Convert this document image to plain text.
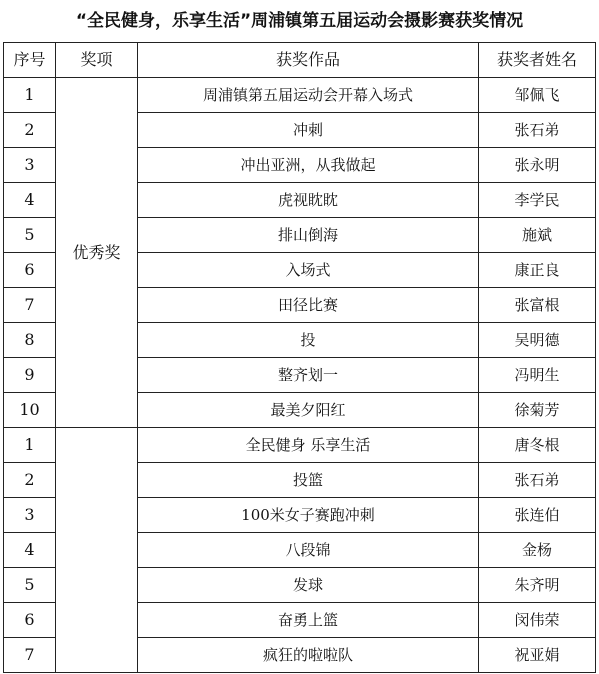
“全民健身，乐享生活”周浦镇第五届运动会摄影赛获奖情况
序号	奖项	获奖作品	获奖者姓名
1	优秀奖	周浦镇第五届运动会开幕入场式	邹佩飞
2		冲刺	张石弟
3		冲出亚洲，从我做起	张永明
4		虎视眈眈	李学民
5		排山倒海	施斌
6		入场式	康正良
7		田径比赛	张富根
8		投	吴明德
9		整齐划一	冯明生
10		最美夕阳红	徐菊芳
1		全民健身 乐享生活	唐冬根
2		投篮	张石弟
3		100米女子赛跑冲刺	张连伯
4		八段锦	金杨
5		发球	朱齐明
6		奋勇上篮	闵伟荣
7		疯狂的啦啦队	祝亚娟
